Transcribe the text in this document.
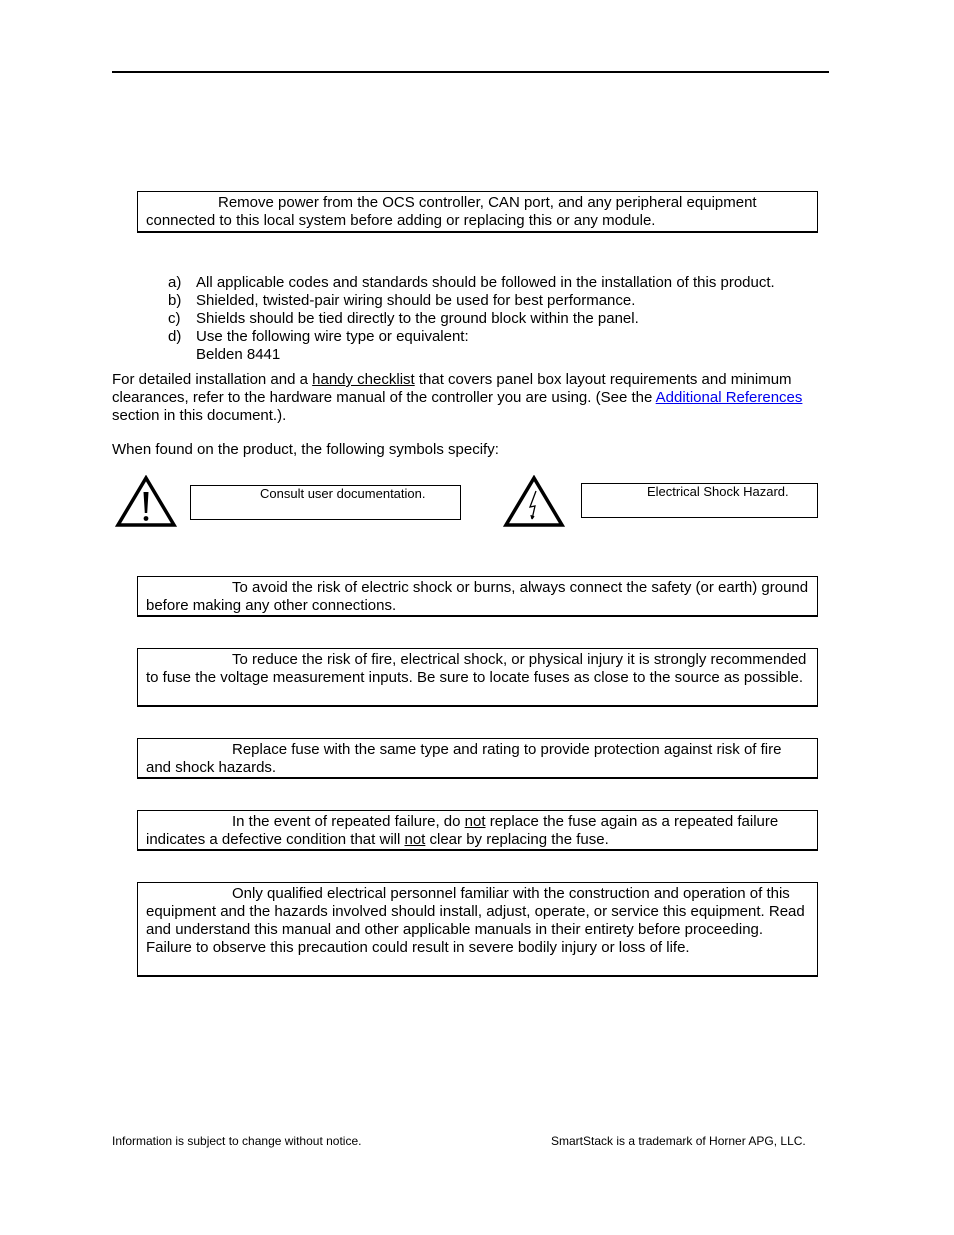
Remove power from the OCS controller, CAN port, and any peripheral equipment connected to this local system before adding or replacing this or any module.
a) All applicable codes and standards should be followed in the installation of this product.
b) Shielded, twisted-pair wiring should be used for best performance.
c)	Shields should be tied directly to the ground block within the panel.
d) Use the following wire type or equivalent:
Belden 8441
For detailed installation and a handy checklist that covers panel box layout requirements and minimum clearances, refer to the hardware manual of the controller you are using. (See the Additional References section in this document.).
When found on the product, the following symbols specify:
Consult user documentation.	Electrical Shock Hazard.
To avoid the risk of electric shock or burns, always connect the safety (or earth) ground before making any other connections.
To reduce the risk of fire, electrical shock, or physical injury it is strongly recommended to fuse the voltage measurement inputs. Be sure to locate fuses as close to the source as possible.
Replace fuse with the same type and rating to provide protection against risk of fire and shock hazards.
In the event of repeated failure, do not replace the fuse again as a repeated failure indicates a defective condition that will not clear by replacing the fuse.
Only qualified electrical personnel familiar with the construction and operation of this equipment and the hazards involved should install, adjust, operate, or service this equipment. Read and understand this manual and other applicable manuals in their entirety before proceeding. Failure to observe this precaution could result in severe bodily injury or loss of life.
Information is subject to change without notice.	SmartStack is a trademark of Horner APG, LLC.
